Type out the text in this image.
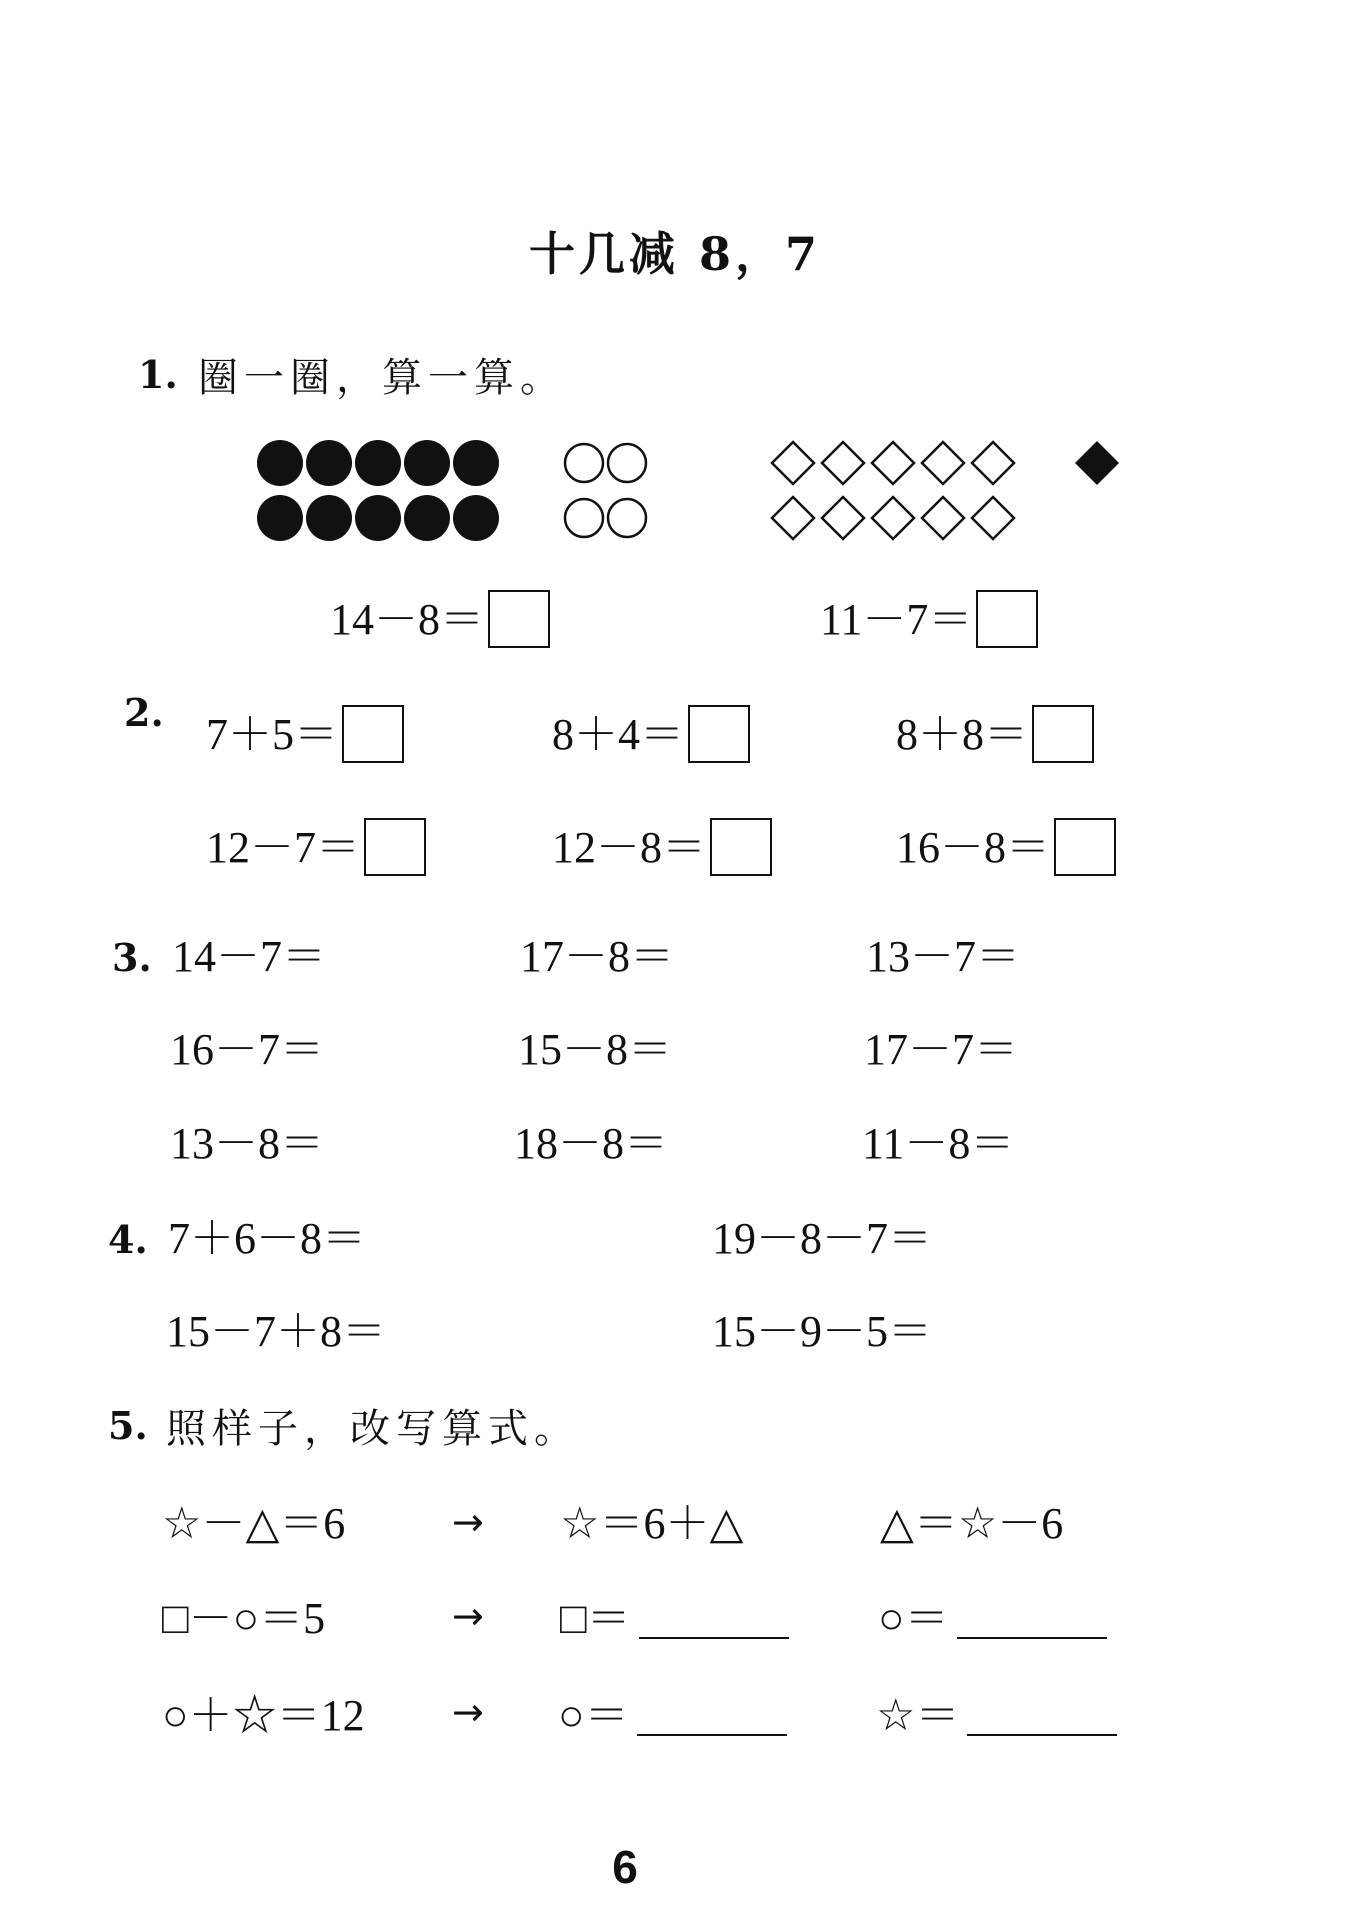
十几减 8，7
1. 圈一圈，算一算。
14－8＝	11－7＝
2. 7＋5＝	8＋4＝	8＋8＝
12－7＝	12－8＝	16－8＝
3. 14－7＝	17－8＝	13－7＝
16－7＝	15－8＝	17－7＝
13－8＝	18－8＝	11－8＝
4. 7＋6－8＝	19－8－7＝
15－7＋8＝	15－9－5＝
5. 照样子，改写算式。
☆－△＝6	→ ☆＝6＋△	△＝☆－6
□－○＝5	→ □＝	○＝
○＋☆＝12 → ○＝	☆＝
6
